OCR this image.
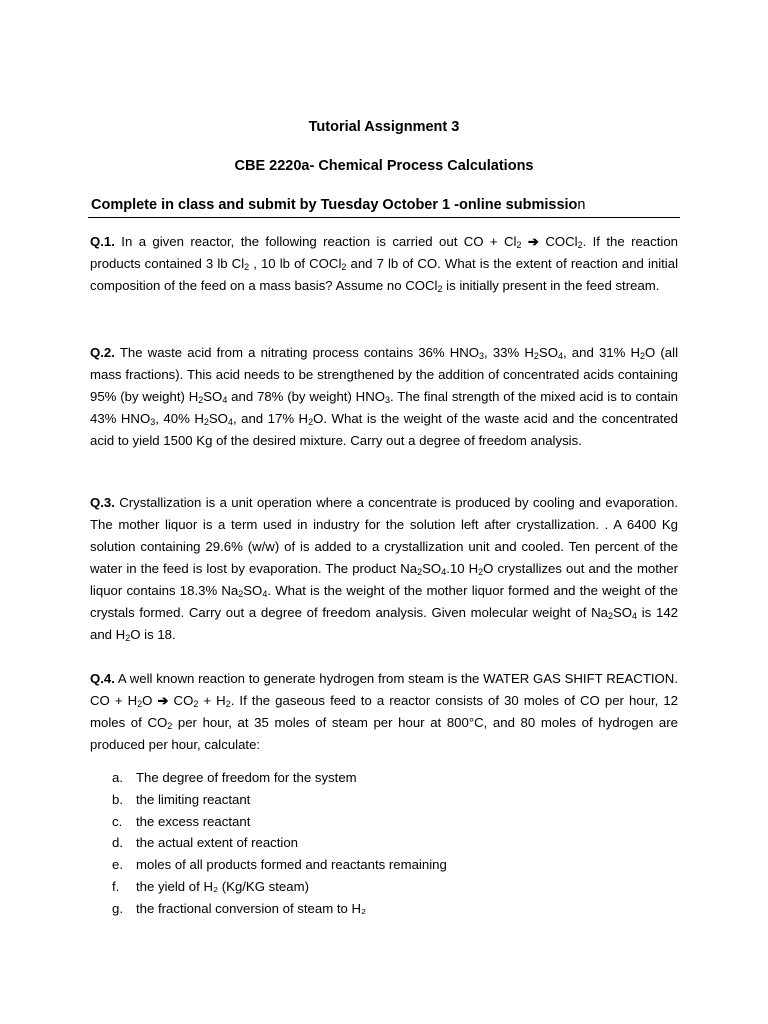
Tutorial Assignment 3
CBE 2220a- Chemical Process Calculations
Complete in class and submit by Tuesday October 1 -online submission
Q.1. In a given reactor, the following reaction is carried out CO + $Cl_2$ ➔ COCl$_2$. If the reaction products contained 3 lb $Cl_2$ , 10 lb of COCl$_2$ and 7 lb of CO. What is the extent of reaction and initial composition of the feed on a mass basis? Assume no COCl$_2$ is initially present in the feed stream.
Q.2. The waste acid from a nitrating process contains 36% $HNO_3$, 33% $H_2SO_4$, and 31% $H_2O$ (all mass fractions). This acid needs to be strengthened by the addition of concentrated acids containing 95% (by weight) $H_2SO_4$ and 78% (by weight) $HNO_3$. The final strength of the mixed acid is to contain 43% $HNO_3$, 40% $H_2SO_4$, and 17% $H_2O$. What is the weight of the waste acid and the concentrated acid to yield 1500 Kg of the desired mixture. Carry out a degree of freedom analysis.
Q.3. Crystallization is a unit operation where a concentrate is produced by cooling and evaporation. The mother liquor is a term used in industry for the solution left after crystallization. . A 6400 Kg solution containing 29.6% (w/w) of is added to a crystallization unit and cooled. Ten percent of the water in the feed is lost by evaporation. The product $Na_2SO_4.10$ $H_2O$ crystallizes out and the mother liquor contains 18.3% $Na_2SO_4$. What is the weight of the mother liquor formed and the weight of the crystals formed. Carry out a degree of freedom analysis. Given molecular weight of $Na_2SO_4$ is 142 and $H_2O$ is 18.
Q.4. A well known reaction to generate hydrogen from steam is the WATER GAS SHIFT REACTION. CO + $H_2O$ ➔ $CO_2 + H_2$. If the gaseous feed to a reactor consists of 30 moles of CO per hour, 12 moles of $CO_2$ per hour, at 35 moles of steam per hour at 800°C, and 80 moles of hydrogen are produced per hour, calculate:
a. The degree of freedom for the system
b. the limiting reactant
c.	the excess reactant
d. the actual extent of reaction
e. moles of all products formed and reactants remaining
f.	the yield of H₂ (Kg/KG steam)
g. the fractional conversion of steam to H₂
